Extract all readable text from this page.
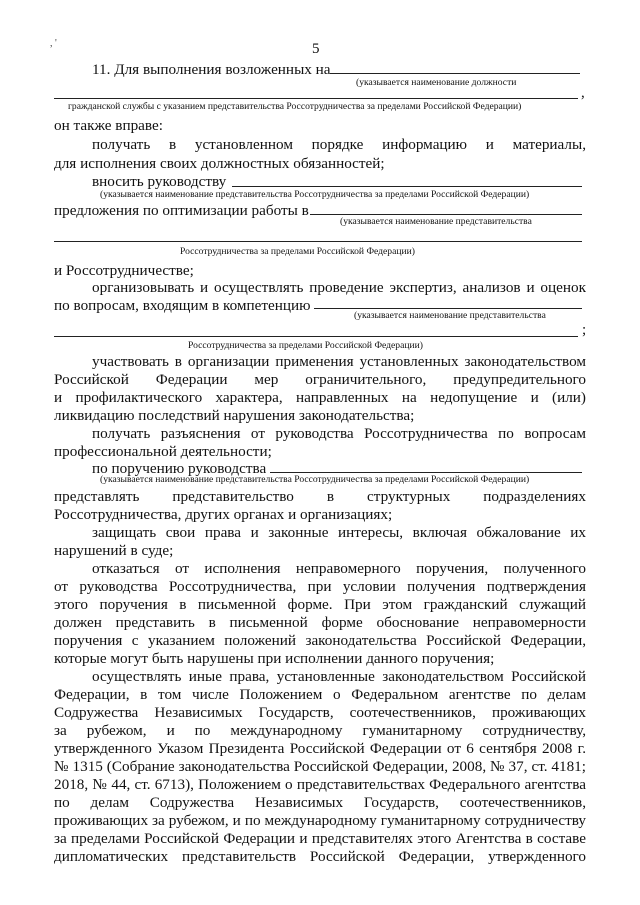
, '	5
11. Для выполнения возложенных на
(указывается наименование должности
,
гражданской службы с указанием представительства Россотрудничества за пределами Российской Федерации)
он также вправе:
получать в установленном порядке информацию и материалы,
для исполнения своих должностных обязанностей;
вносить руководству
(указывается наименование представительства Россотрудничества за пределами Российской Федерации)
предложения по оптимизации работы в
(указывается наименование представительства
Россотрудничества за пределами Российской Федерации)
и Россотрудничестве;
организовывать и осуществлять проведение экспертиз, анализов и оценок
по вопросам, входящим в компетенцию
(указывается наименование представительства
;
Россотрудничества за пределами Российской Федерации)
участвовать в организации применения установленных законодательством
Российской Федерации мер ограничительного, предупредительного
и профилактического характера, направленных на недопущение и (или)
ликвидацию последствий нарушения законодательства;
получать разъяснения от руководства Россотрудничества по вопросам
профессиональной деятельности;
по поручению руководства
(указывается наименование представительства Россотрудничества за пределами Российской Федерации)
представлять представительство в структурных подразделениях
Россотрудничества, других органах и организациях;
защищать свои права и законные интересы, включая обжалование их
нарушений в суде;
отказаться от исполнения неправомерного поручения, полученного
от руководства Россотрудничества, при условии получения подтверждения
этого поручения в письменной форме. При этом гражданский служащий
должен представить в письменной форме обоснование неправомерности
поручения с указанием положений законодательства Российской Федерации,
которые могут быть нарушены при исполнении данного поручения;
осуществлять иные права, установленные законодательством Российской
Федерации, в том числе Положением о Федеральном агентстве по делам
Содружества Независимых Государств, соотечественников, проживающих
за рубежом, и по международному гуманитарному сотрудничеству,
утвержденного Указом Президента Российской Федерации от 6 сентября 2008 г.
№ 1315 (Собрание законодательства Российской Федерации, 2008, № 37, ст. 4181;
2018, № 44, ст. 6713), Положением о представительствах Федерального агентства
по делам Содружества Независимых Государств, соотечественников,
проживающих за рубежом, и по международному гуманитарному сотрудничеству
за пределами Российской Федерации и представителях этого Агентства в составе
дипломатических представительств Российской Федерации, утвержденного
